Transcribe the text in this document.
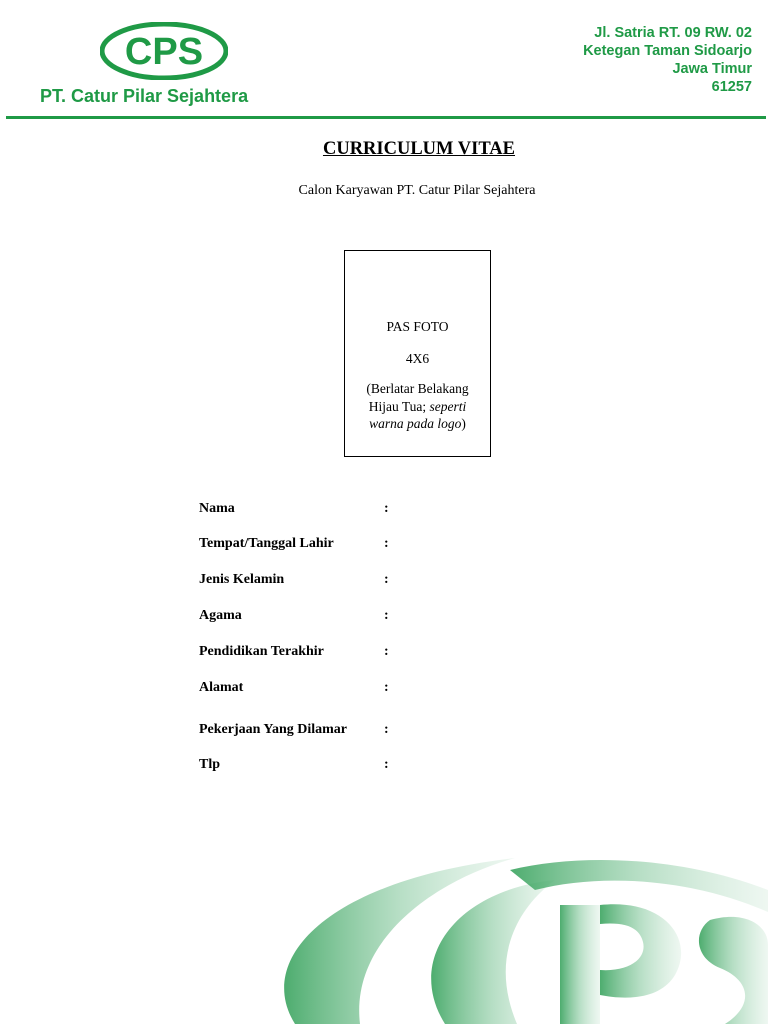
CPS
PT. Catur Pilar Sejahtera
Jl. Satria RT. 09 RW. 02
Ketegan Taman Sidoarjo
Jawa Timur
61257
CURRICULUM VITAE
Calon Karyawan PT. Catur Pilar Sejahtera
PAS FOTO
4X6
(Berlatar Belakang Hijau Tua; seperti warna pada logo)
Nama	:
Tempat/Tanggal Lahir	:
Jenis Kelamin	:
Agama	:
Pendidikan Terakhir	:
Alamat	:
Pekerjaan Yang Dilamar	:
Tlp	:
